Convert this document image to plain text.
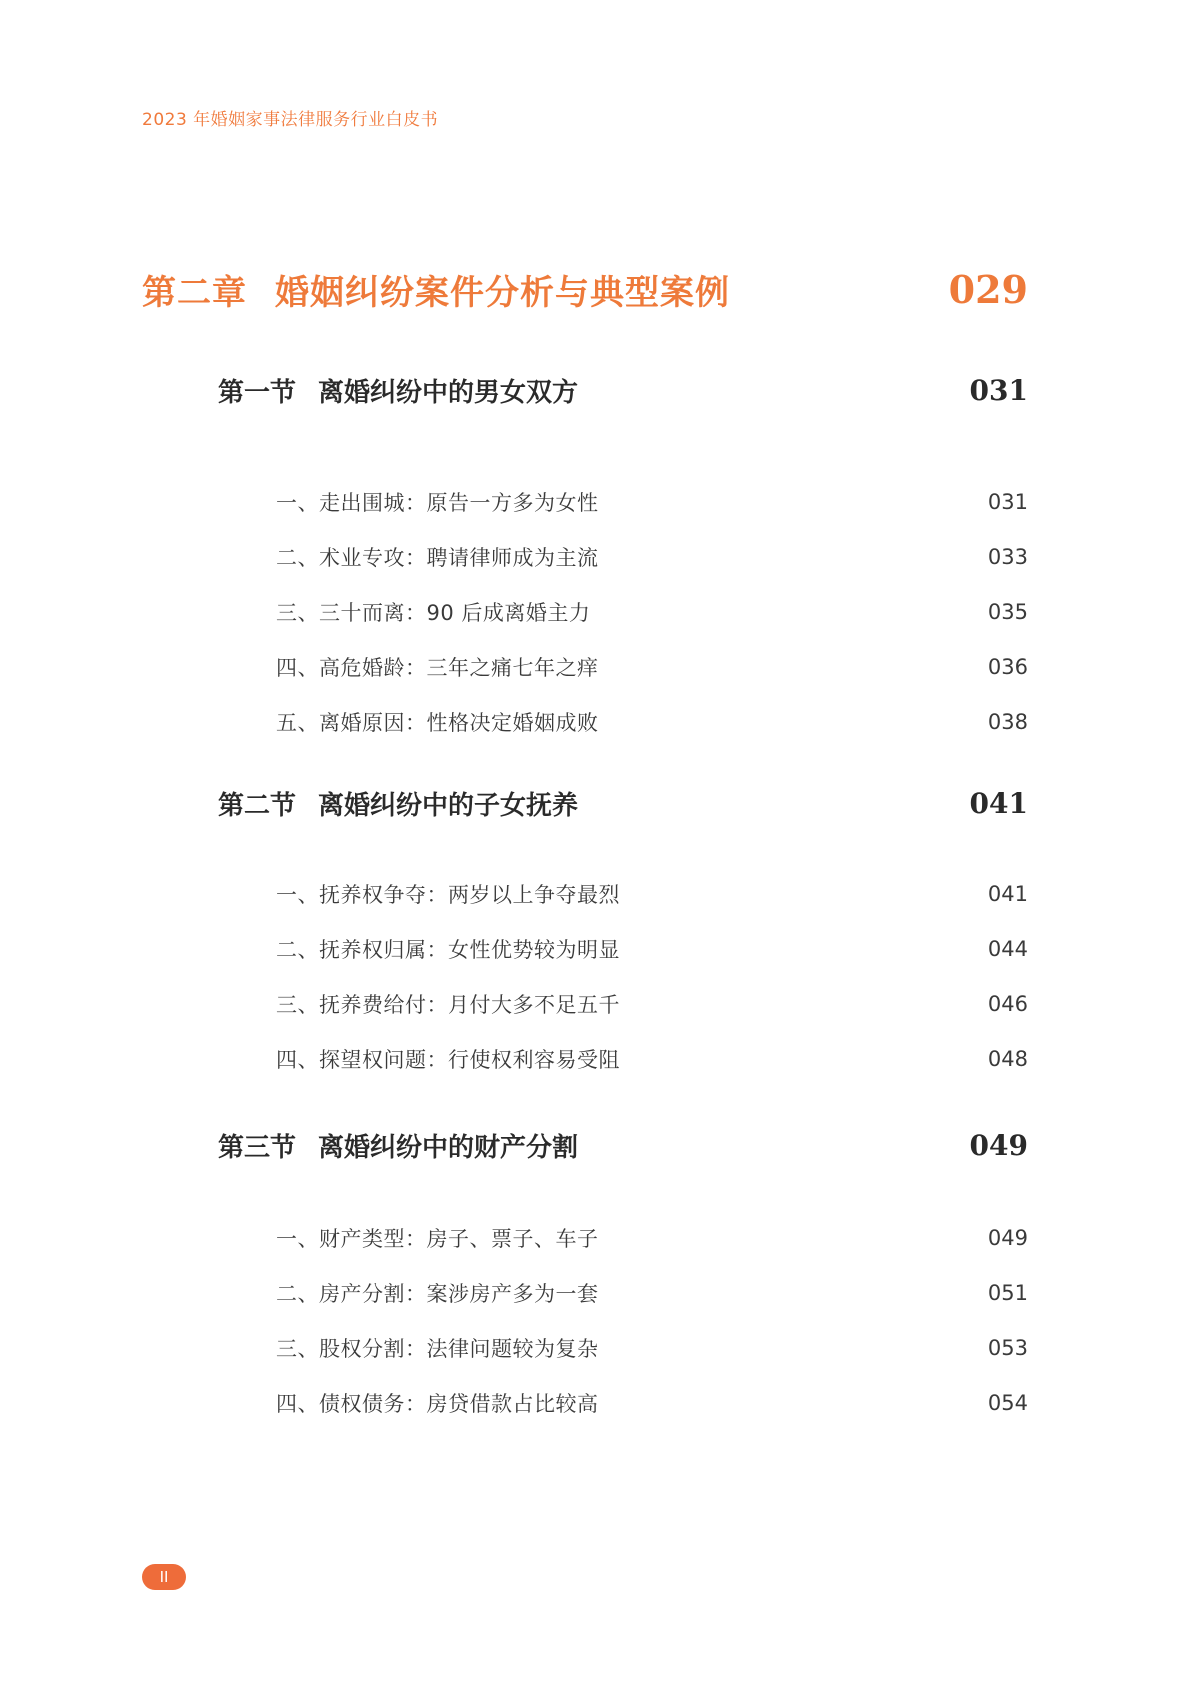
2023 年婚姻家事法律服务行业白皮书
第二章 婚姻纠纷案件分析与典型案例	029
第一节 离婚纠纷中的男女双方	031
一、走出围城：原告一方多为女性	031
二、术业专攻：聘请律师成为主流	033
三、三十而离：90 后成离婚主力	035
四、高危婚龄：三年之痛七年之痒	036
五、离婚原因：性格决定婚姻成败	038
第二节 离婚纠纷中的子女抚养	041
一、抚养权争夺：两岁以上争夺最烈	041
二、抚养权归属：女性优势较为明显	044
三、抚养费给付：月付大多不足五千	046
四、探望权问题：行使权利容易受阻	048
第三节 离婚纠纷中的财产分割	049
一、财产类型：房子、票子、车子	049
二、房产分割：案涉房产多为一套	051
三、股权分割：法律问题较为复杂	053
四、债权债务：房贷借款占比较高	054
II
